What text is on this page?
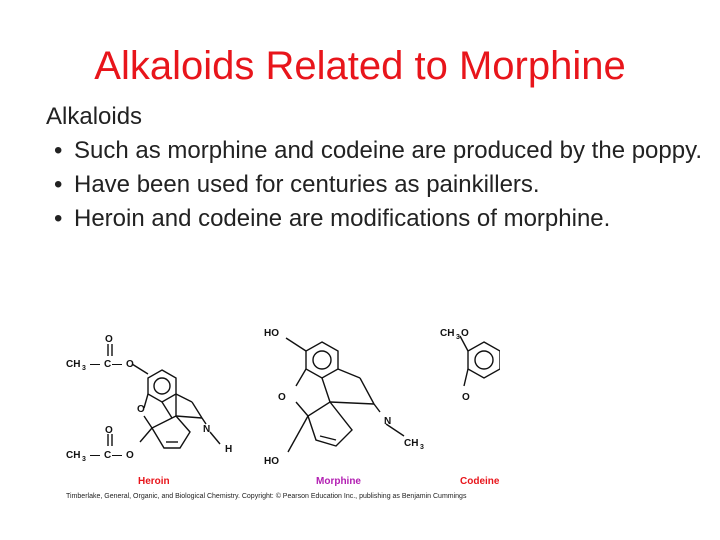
Alkaloids Related to Morphine
Alkaloids
• Such as morphine and codeine are produced by the poppy.
• Have been used for centuries as painkillers.
• Heroin and codeine are modifications of morphine.
O
CH 3 — C — O
O
N
H
O
CH 3 — C — O
HO
O
N
CH 3
HO
CH 3 O
O
Heroin	Morphine	Codeine
Timberlake, General, Organic, and Biological Chemistry. Copyright: © Pearson Education Inc., publishing as Benjamin Cummings
